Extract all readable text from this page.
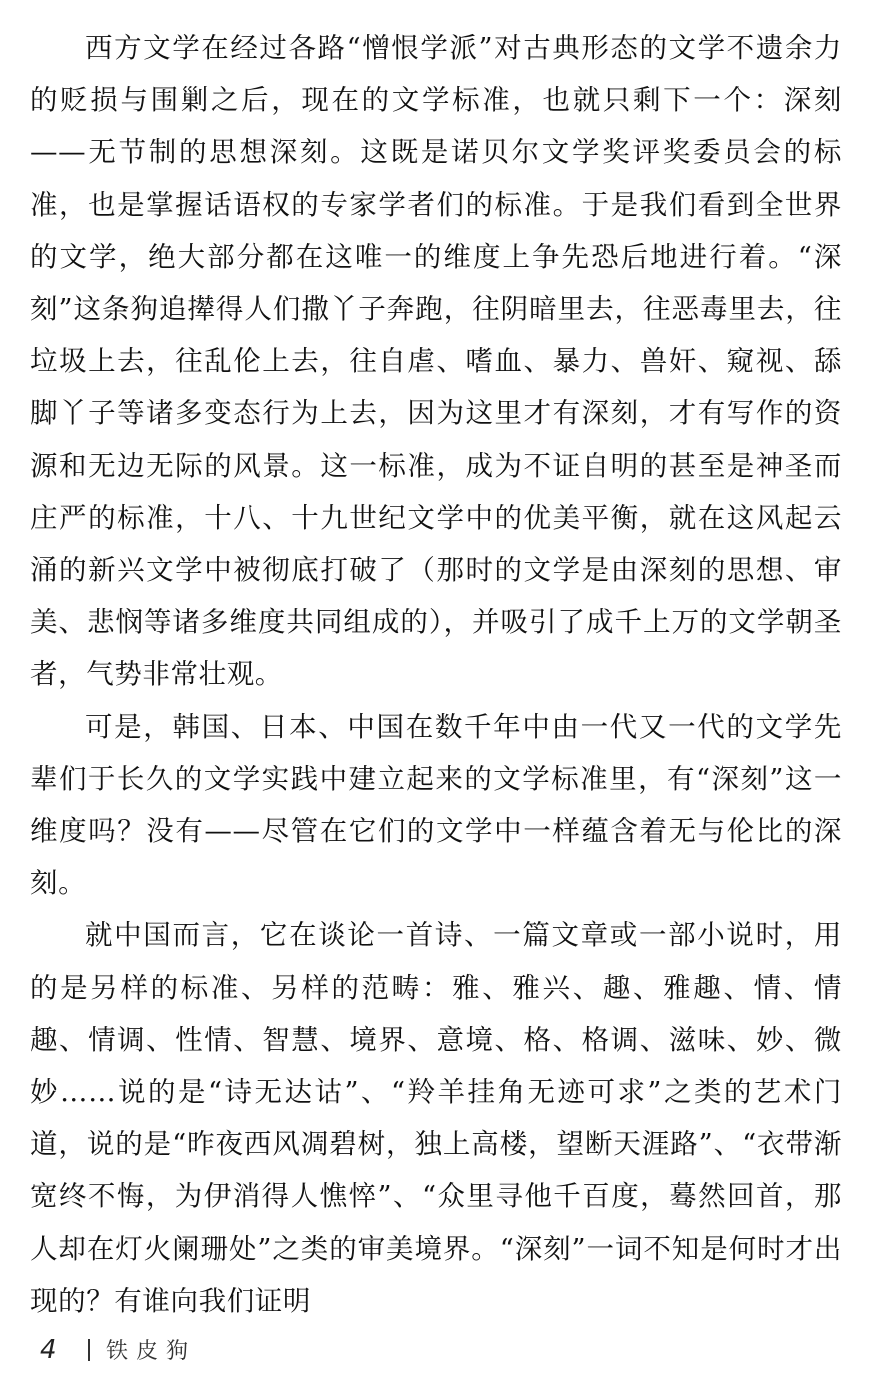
西方文学在经过各路“憎恨学派”对古典形态的文学不遗余力的贬损与围剿之后，现在的文学标准，也就只剩下一个：深刻——无节制的思想深刻。这既是诺贝尔文学奖评奖委员会的标准，也是掌握话语权的专家学者们的标准。于是我们看到全世界的文学，绝大部分都在这唯一的维度上争先恐后地进行着。“深刻”这条狗追撵得人们撒丫子奔跑，往阴暗里去，往恶毒里去，往垃圾上去，往乱伦上去，往自虐、嗜血、暴力、兽奸、窥视、舔脚丫子等诸多变态行为上去，因为这里才有深刻，才有写作的资源和无边无际的风景。这一标准，成为不证自明的甚至是神圣而庄严的标准，十八、十九世纪文学中的优美平衡，就在这风起云涌的新兴文学中被彻底打破了（那时的文学是由深刻的思想、审美、悲悯等诸多维度共同组成的），并吸引了成千上万的文学朝圣者，气势非常壮观。

可是，韩国、日本、中国在数千年中由一代又一代的文学先辈们于长久的文学实践中建立起来的文学标准里，有“深刻”这一维度吗？没有——尽管在它们的文学中一样蕴含着无与伦比的深刻。

就中国而言，它在谈论一首诗、一篇文章或一部小说时，用的是另样的标准、另样的范畴：雅、雅兴、趣、雅趣、情、情趣、情调、性情、智慧、境界、意境、格、格调、滋味、妙、微妙……说的是“诗无达诂”、“羚羊挂角无迹可求”之类的艺术门道，说的是“昨夜西风凋碧树，独上高楼，望断天涯路”、“衣带渐宽终不悔，为伊消得人憔悴”、“众里寻他千百度，蓦然回首，那人却在灯火阑珊处”之类的审美境界。“深刻”一词不知是何时才出现的？有谁向我们证明

4	铁皮狗
